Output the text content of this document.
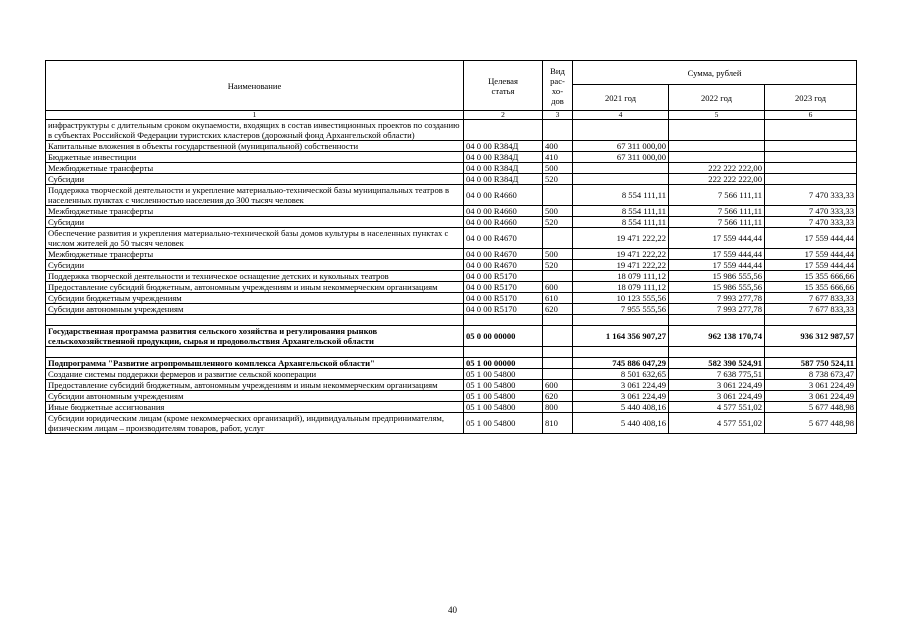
Наименование	Целевая статья	Вид рас-хо-дов	Сумма, рублей		
			2021 год	2022 год	2023 год
1	2	3	4	5	6
инфраструктуры с длительным сроком окупаемости, входящих в состав инвестиционных проектов по созданию в субъектах Российской Федерации туристских кластеров (дорожный фонд Архангельской области)					
Капитальные вложения в объекты государственной (муниципальной) собственности	04 0 00 R384Д	400	67 311 000,00		
Бюджетные инвестиции	04 0 00 R384Д	410	67 311 000,00		
Межбюджетные трансферты	04 0 00 R384Д	500		222 222 222,00	
Субсидии	04 0 00 R384Д	520		222 222 222,00	
Поддержка творческой деятельности и укрепление материально-технической базы муниципальных театров в населенных пунктах с численностью населения до 300 тысяч человек	04 0 00 R4660		8 554 111,11	7 566 111,11	7 470 333,33
Межбюджетные трансферты	04 0 00 R4660	500	8 554 111,11	7 566 111,11	7 470 333,33
Субсидии	04 0 00 R4660	520	8 554 111,11	7 566 111,11	7 470 333,33
Обеспечение развития и укрепления материально-технической базы домов культуры в населенных пунктах с числом жителей до 50 тысяч человек	04 0 00 R4670		19 471 222,22	17 559 444,44	17 559 444,44
Межбюджетные трансферты	04 0 00 R4670	500	19 471 222,22	17 559 444,44	17 559 444,44
Субсидии	04 0 00 R4670	520	19 471 222,22	17 559 444,44	17 559 444,44
Поддержка творческой деятельности и техническое оснащение детских и кукольных театров	04 0 00 R5170		18 079 111,12	15 986 555,56	15 355 666,66
Предоставление субсидий бюджетным, автономным учреждениям и иным некоммерческим организациям	04 0 00 R5170	600	18 079 111,12	15 986 555,56	15 355 666,66
Субсидии бюджетным учреждениям	04 0 00 R5170	610	10 123 555,56	7 993 277,78	7 677 833,33
Субсидии автономным учреждениям	04 0 00 R5170	620	7 955 555,56	7 993 277,78	7 677 833,33

Государственная программа развития сельского хозяйства и регулирования рынков сельскохозяйственной продукции, сырья и продовольствия Архангельской области	05 0 00 00000		1 164 356 907,27	962 138 170,74	936 312 987,57

Подпрограмма "Развитие агропромышленного комплекса Архангельской области"	05 1 00 00000		745 886 047,29	582 390 524,91	587 750 524,11
Создание системы поддержки фермеров и развитие сельской кооперации	05 1 00 54800		8 501 632,65	7 638 775,51	8 738 673,47
Предоставление субсидий бюджетным, автономным учреждениям и иным некоммерческим организациям	05 1 00 54800	600	3 061 224,49	3 061 224,49	3 061 224,49
Субсидии автономным учреждениям	05 1 00 54800	620	3 061 224,49	3 061 224,49	3 061 224,49
Иные бюджетные ассигнования	05 1 00 54800	800	5 440 408,16	4 577 551,02	5 677 448,98
Субсидии юридическим лицам (кроме некоммерческих организаций), индивидуальным предпринимателям, физическим лицам – производителям товаров, работ, услуг	05 1 00 54800	810	5 440 408,16	4 577 551,02	5 677 448,98
40
